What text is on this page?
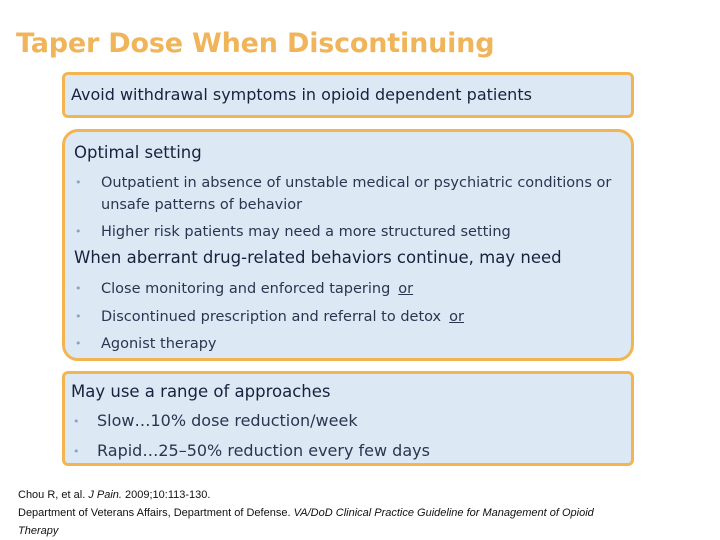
Taper Dose When Discontinuing
Avoid withdrawal symptoms in opioid dependent patients
Optimal setting
• Outpatient in absence of unstable medical or psychiatric conditions or unsafe patterns of behavior
• Higher risk patients may need a more structured setting
When aberrant drug-related behaviors continue, may need
• Close monitoring and enforced tapering or
• Discontinued prescription and referral to detox or
• Agonist therapy
May use a range of approaches
• Slow…10% dose reduction/week
• Rapid…25–50% reduction every few days
Chou R, et al. J Pain. 2009;10:113-130.
Department of Veterans Affairs, Department of Defense. VA/DoD Clinical Practice Guideline for Management of Opioid Therapy
